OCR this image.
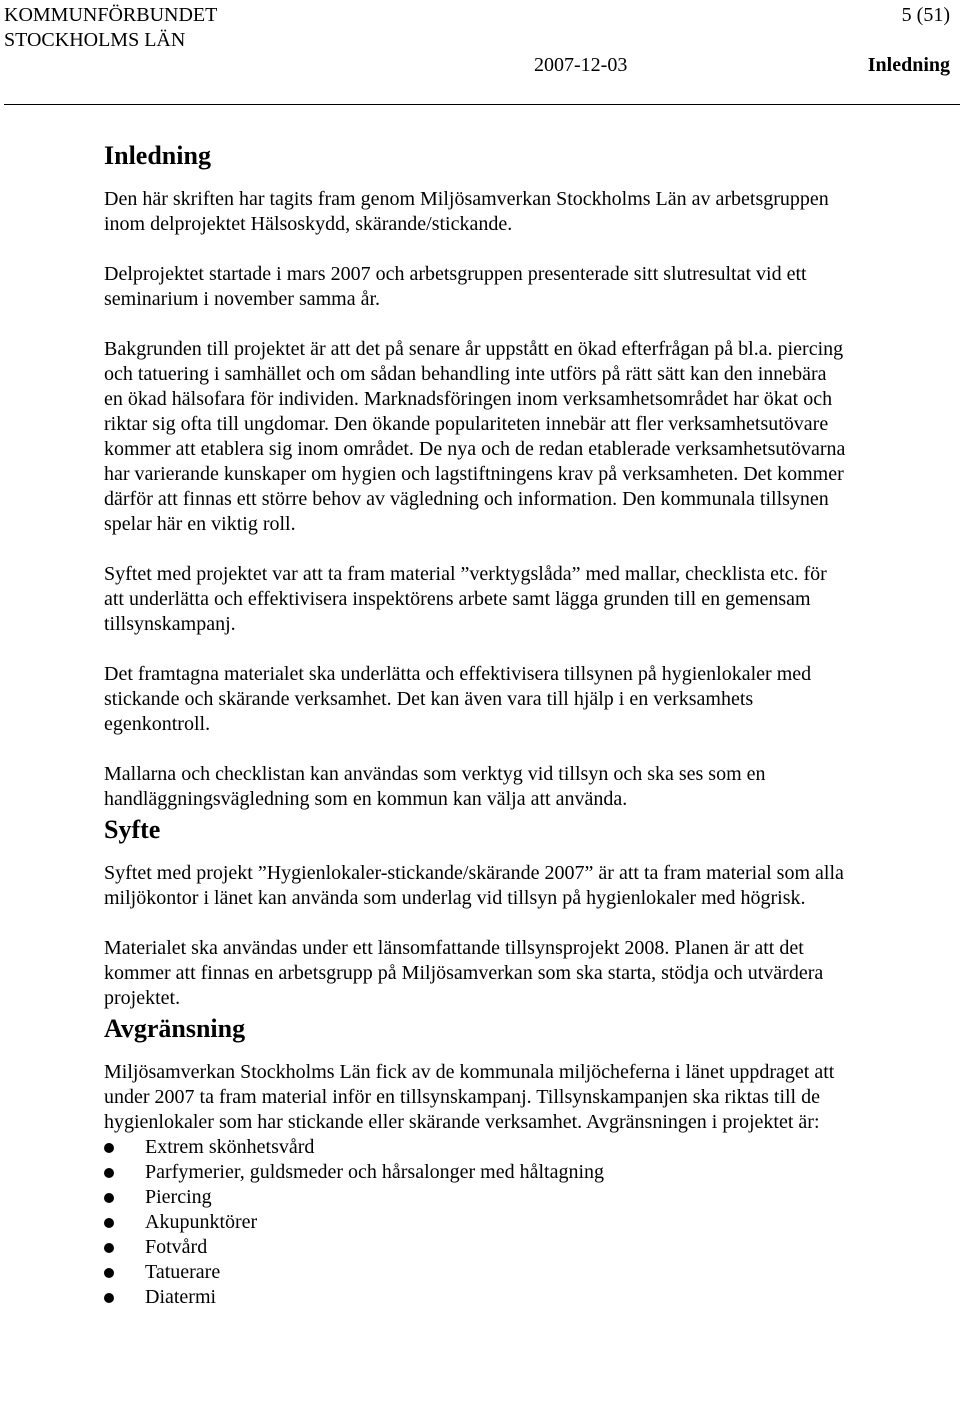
KOMMUNFÖRBUNDET
STOCKHOLMS LÄN
5 (51)
2007-12-03	Inledning
Inledning

Den här skriften har tagits fram genom Miljösamverkan Stockholms Län av arbetsgruppen inom delprojektet Hälsoskydd, skärande/stickande.

Delprojektet startade i mars 2007 och arbetsgruppen presenterade sitt slutresultat vid ett seminarium i november samma år.

Bakgrunden till projektet är att det på senare år uppstått en ökad efterfrågan på bl.a. piercing och tatuering i samhället och om sådan behandling inte utförs på rätt sätt kan den innebära en ökad hälsofara för individen. Marknadsföringen inom verksamhetsområdet har ökat och riktar sig ofta till ungdomar. Den ökande populariteten innebär att fler verksamhetsutövare kommer att etablera sig inom området. De nya och de redan etablerade verksamhetsutövarna har varierande kunskaper om hygien och lagstiftningens krav på verksamheten. Det kommer därför att finnas ett större behov av vägledning och information. Den kommunala tillsynen spelar här en viktig roll.

Syftet med projektet var att ta fram material ”verktygslåda” med mallar, checklista etc. för att underlätta och effektivisera inspektörens arbete samt lägga grunden till en gemensam tillsynskampanj.

Det framtagna materialet ska underlätta och effektivisera tillsynen på hygienlokaler med stickande och skärande verksamhet. Det kan även vara till hjälp i en verksamhets egenkontroll.

Mallarna och checklistan kan användas som verktyg vid tillsyn och ska ses som en handläggningsvägledning som en kommun kan välja att använda.

Syfte

Syftet med projekt ”Hygienlokaler-stickande/skärande 2007” är att ta fram material som alla miljökontor i länet kan använda som underlag vid tillsyn på hygienlokaler med högrisk.

Materialet ska användas under ett länsomfattande tillsynsprojekt 2008. Planen är att det kommer att finnas en arbetsgrupp på Miljösamverkan som ska starta, stödja och utvärdera projektet.

Avgränsning

Miljösamverkan Stockholms Län fick av de kommunala miljöcheferna i länet uppdraget att under 2007 ta fram material inför en tillsynskampanj. Tillsynskampanjen ska riktas till de hygienlokaler som har stickande eller skärande verksamhet. Avgränsningen i projektet är:

Extrem skönhetsvård
Parfymerier, guldsmeder och hårsalonger med håltagning
Piercing
Akupunktörer
Fotvård
Tatuerare
Diatermi
